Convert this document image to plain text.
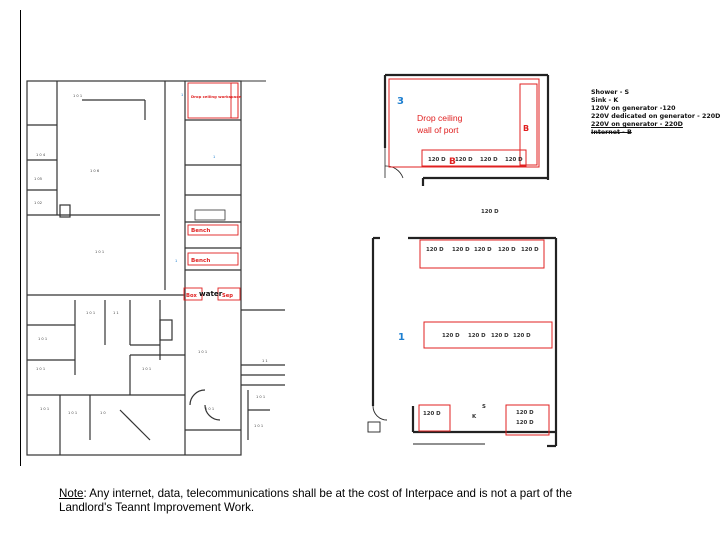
1 0 1
1 0 4
1 05
1 02
1 0 6
1 0 1
1 0 1
1 0 1	1 1
1 0 1
1 0 1
1 0 1
1 0 1	1 0
1 0 1
1 0 1
1 0 1
1 0 1
1 1
1
1
1
Drop ceiling workspace
Bench
Bench
Box	Sep
water
3
Drop ceiling
wall of port	B
120 D 120 D 120 D 120 D
B
120 D
1
120 D 120 D 120 D 120 D 120 D
120 D 120 D 120 D 120 D
120 D	120 D
120 D
K
S
Shower - S
Sink - K
120V on generator -120
220V dedicated on generator - 220D
220V on generator - 220D
Internet - B
Note: Any internet, data, telecommunications shall be at the cost of Interpace and is not a part of the Landlord's Teannt Improvement Work.
